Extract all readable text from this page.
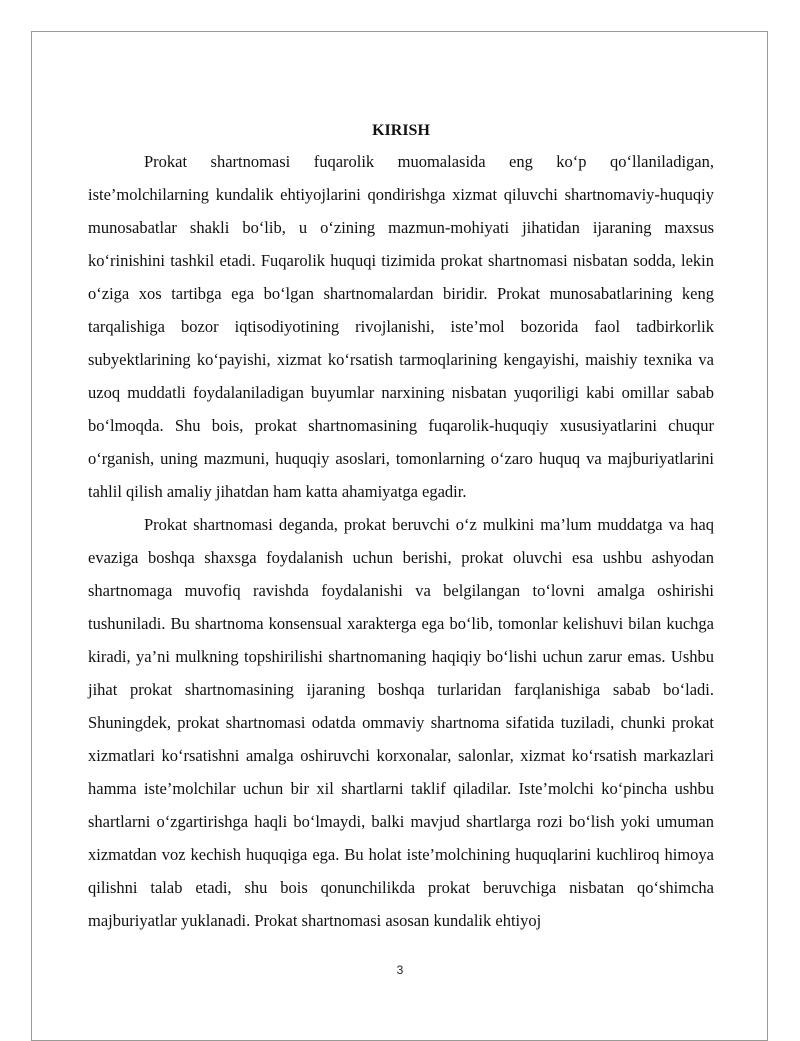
KIRISH

Prokat shartnomasi fuqarolik muomalasida eng ko‘p qo‘llaniladigan, iste’molchilarning kundalik ehtiyojlarini qondirishga xizmat qiluvchi shartnomaviy-huquqiy munosabatlar shakli bo‘lib, u o‘zining mazmun-mohiyati jihatidan ijaraning maxsus ko‘rinishini tashkil etadi. Fuqarolik huquqi tizimida prokat shartnomasi nisbatan sodda, lekin o‘ziga xos tartibga ega bo‘lgan shartnomalardan biridir. Prokat munosabatlarining keng tarqalishiga bozor iqtisodiyotining rivojlanishi, iste’mol bozorida faol tadbirkorlik subyektlarining ko‘payishi, xizmat ko‘rsatish tarmoqlarining kengayishi, maishiy texnika va uzoq muddatli foydalaniladigan buyumlar narxining nisbatan yuqoriligi kabi omillar sabab bo‘lmoqda. Shu bois, prokat shartnomasining fuqarolik-huquqiy xususiyatlarini chuqur o‘rganish, uning mazmuni, huquqiy asoslari, tomonlarning o‘zaro huquq va majburiyatlarini tahlil qilish amaliy jihatdan ham katta ahamiyatga egadir.

Prokat shartnomasi deganda, prokat beruvchi o‘z mulkini ma’lum muddatga va haq evaziga boshqa shaxsga foydalanish uchun berishi, prokat oluvchi esa ushbu ashyodan shartnomaga muvofiq ravishda foydalanishi va belgilangan to‘lovni amalga oshirishi tushuniladi. Bu shartnoma konsensual xarakterga ega bo‘lib, tomonlar kelishuvi bilan kuchga kiradi, ya’ni mulkning topshirilishi shartnomaning haqiqiy bo‘lishi uchun zarur emas. Ushbu jihat prokat shartnomasining ijaraning boshqa turlaridan farqlanishiga sabab bo‘ladi. Shuningdek, prokat shartnomasi odatda ommaviy shartnoma sifatida tuziladi, chunki prokat xizmatlari ko‘rsatishni amalga oshiruvchi korxonalar, salonlar, xizmat ko‘rsatish markazlari hamma iste’molchilar uchun bir xil shartlarni taklif qiladilar. Iste’molchi ko‘pincha ushbu shartlarni o‘zgartirishga haqli bo‘lmaydi, balki mavjud shartlarga rozi bo‘lish yoki umuman xizmatdan voz kechish huquqiga ega. Bu holat iste’molchining huquqlarini kuchliroq himoya qilishni talab etadi, shu bois qonunchilikda prokat beruvchiga nisbatan qo‘shimcha majburiyatlar yuklanadi. Prokat shartnomasi asosan kundalik ehtiyoj

3
